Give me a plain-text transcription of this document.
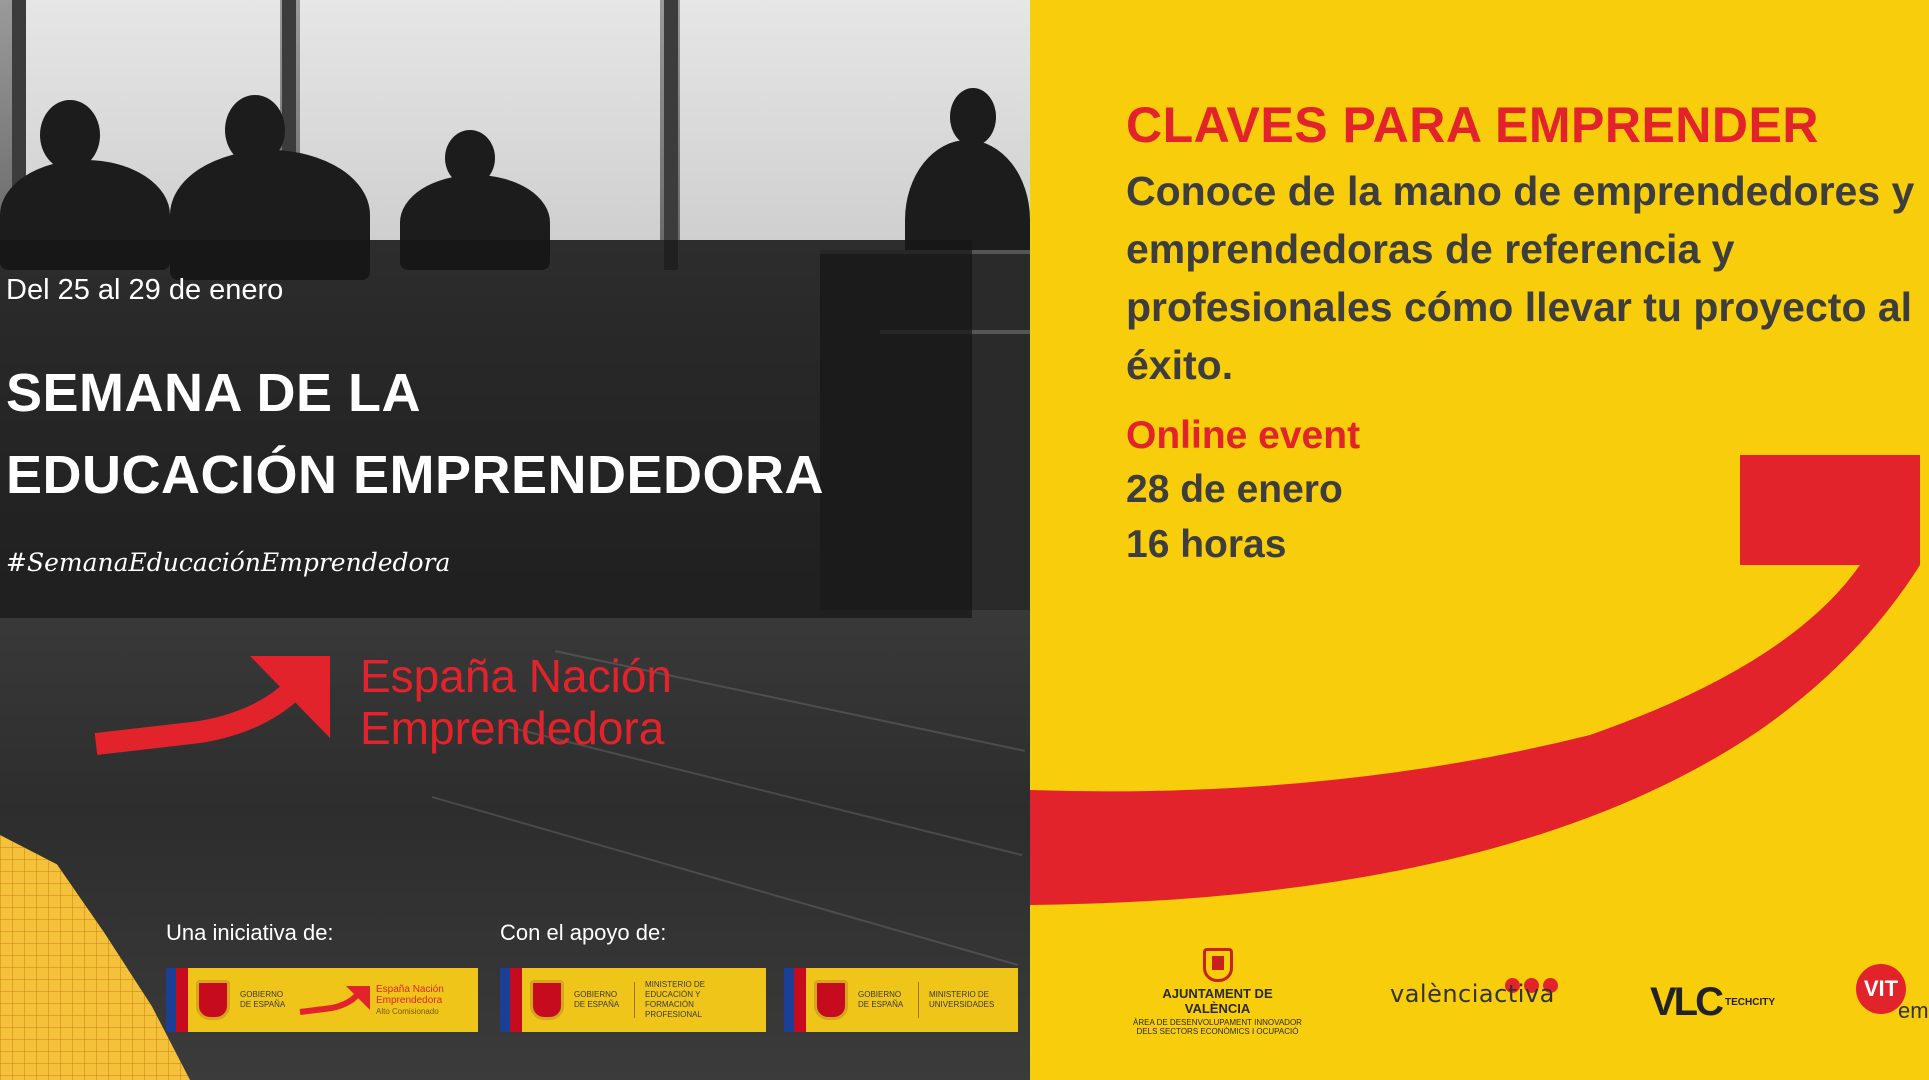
Del 25 al 29 de enero
SEMANA DE LA
EDUCACIÓN EMPRENDEDORA
#SemanaEducaciónEmprendedora
España Nación
Emprendedora
Una iniciativa de:	Con el apoyo de:
GOBIERNO DE ESPAÑA
España Nación
Emprendedora
Alto Comisionado
GOBIERNO DE ESPAÑA
MINISTERIO DE EDUCACIÓN Y FORMACIÓN PROFESIONAL
GOBIERNO DE ESPAÑA
MINISTERIO DE UNIVERSIDADES
CLAVES PARA EMPRENDER
Conoce de la mano de emprendedores y emprendedoras de referencia y profesionales cómo llevar tu proyecto al éxito.
Online event
28 de enero
16 horas
AJUNTAMENT DE VALÈNCIA
ÀREA DE DESENVOLUPAMENT INNOVADOR DELS SECTORS ECONÒMICS I OCUPACIÓ
valènciactiva VLC TECHCITY
VIT
em
